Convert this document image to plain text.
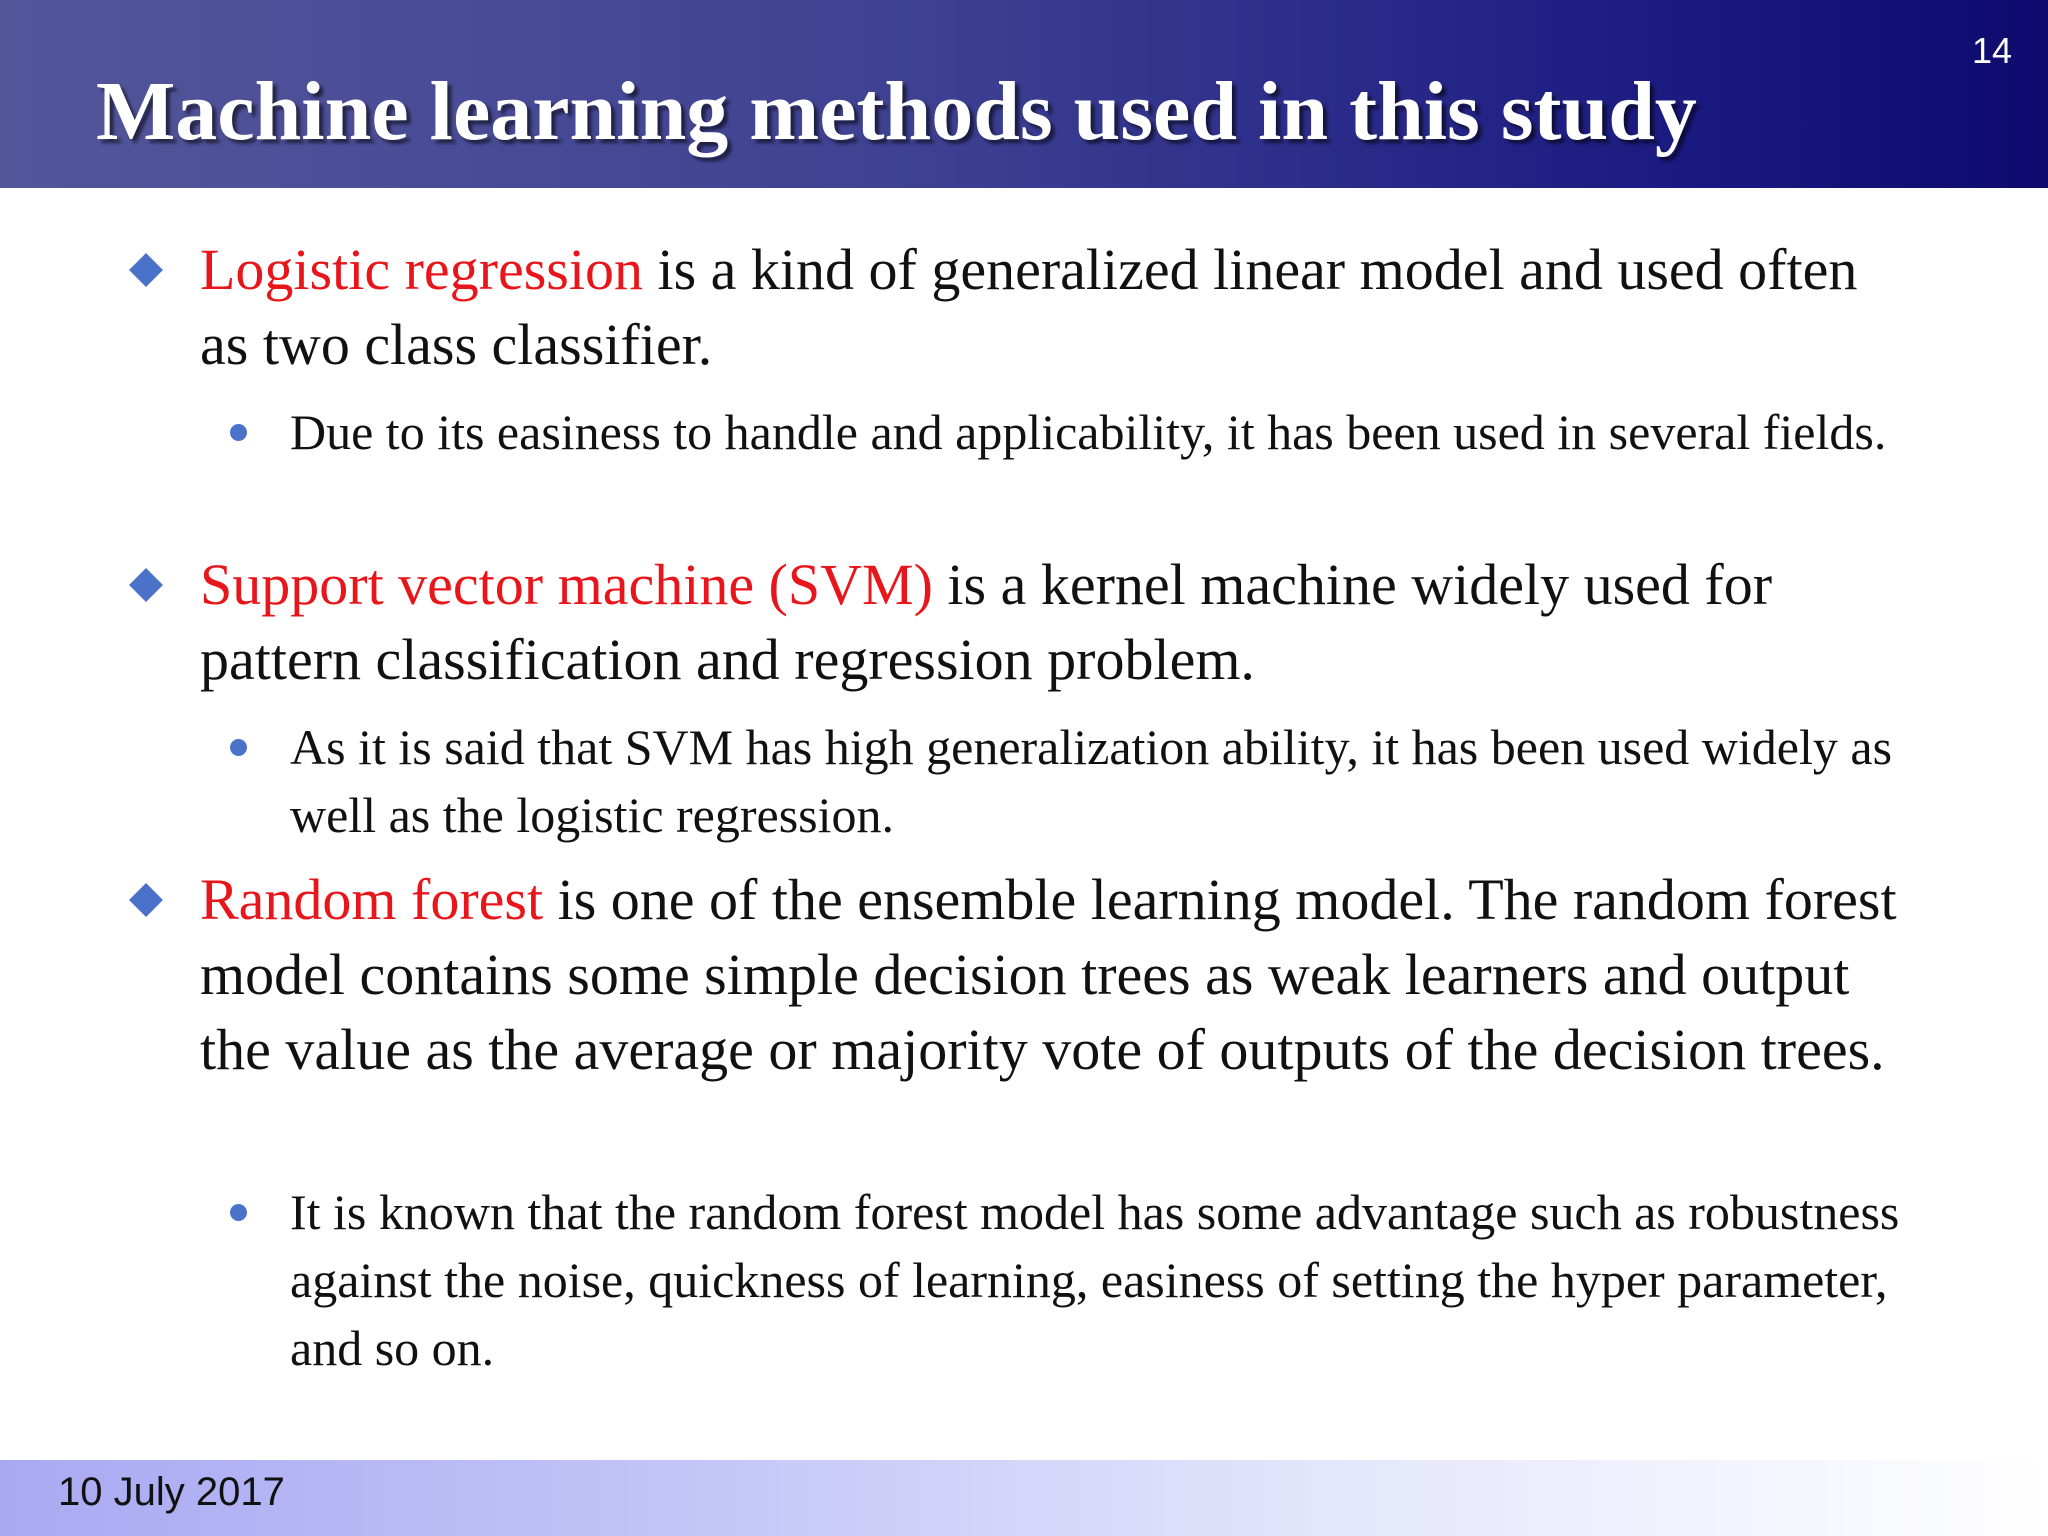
Machine learning methods used in this study
14
Logistic regression is a kind of generalized linear model and used often as two class classifier.
Due to its easiness to handle and applicability, it has been used in several fields.
Support vector machine (SVM) is a kernel machine widely used for pattern classification and regression problem.
As it is said that SVM has high generalization ability, it has been used widely as well as the logistic regression.
Random forest is one of the ensemble learning model. The random forest model contains some simple decision trees as weak learners and output the value as the average or majority vote of outputs of the decision trees.
It is known that the random forest model has some advantage such as robustness against the noise, quickness of learning, easiness of setting the hyper parameter, and so on.
10 July 2017
